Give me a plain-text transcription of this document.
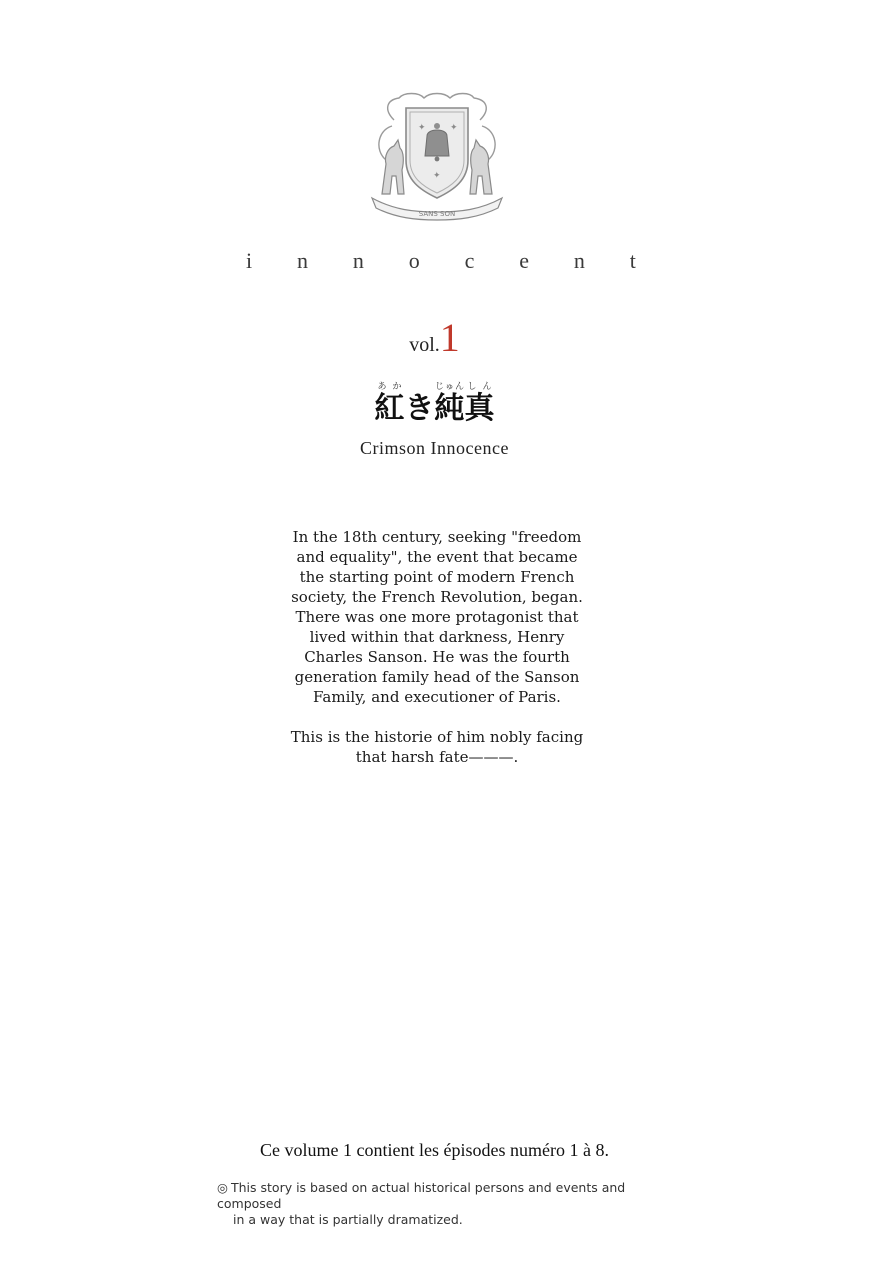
✦	✦
✦
SANS SON
i n n o c e n t
vol.1
紅あかき純じゅん真しん
Crimson Innocence

In the 18th century, seeking "freedom and equality", the event that became the starting point of modern French society, the French Revolution, began. There was one more protagonist that lived within that darkness, Henry Charles Sanson. He was the fourth generation family head of the Sanson Family, and executioner of Paris.

This is the historie of him nobly facing that harsh fate———.

Ce volume 1 contient les épisodes numéro 1 à 8.
◎ This story is based on actual historical persons and events and composed
in a way that is partially dramatized.
